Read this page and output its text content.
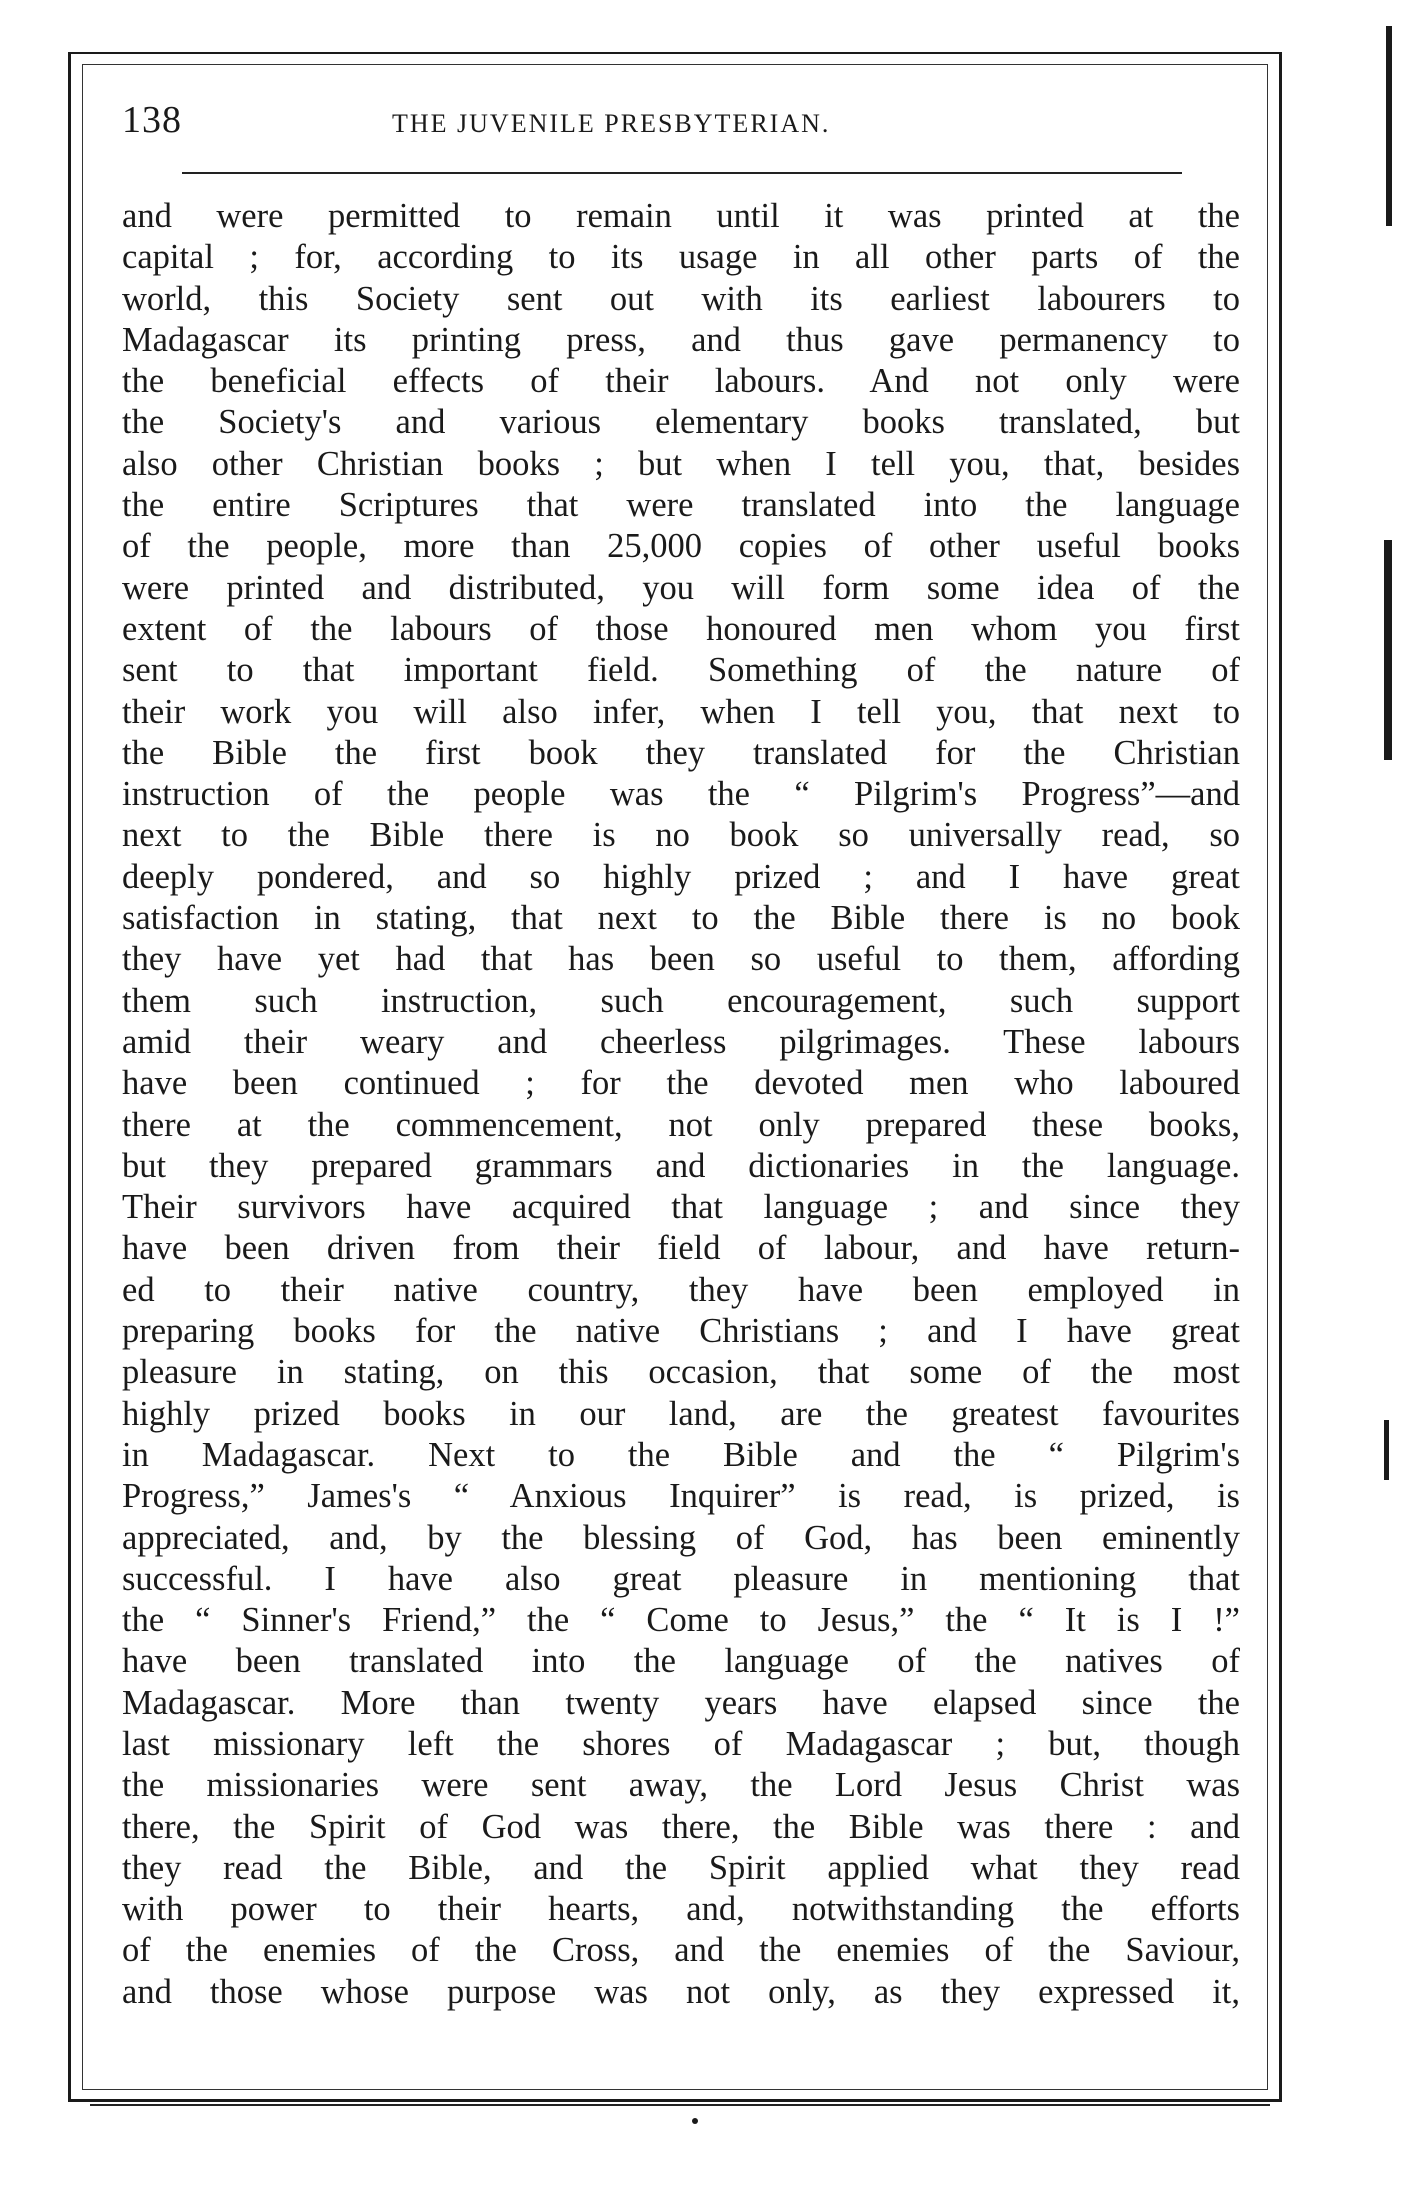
138	THE JUVENILE PRESBYTERIAN.
and were permitted to remain until it was printed at the
capital ; for, according to its usage in all other parts of the
world, this Society sent out with its earliest labourers to
Madagascar its printing press, and thus gave permanency to
the beneficial effects of their labours. And not only were
the Society's and various elementary books translated, but
also other Christian books ; but when I tell you, that, besides
the entire Scriptures that were translated into the language
of the people, more than 25,000 copies of other useful books
were printed and distributed, you will form some idea of the
extent of the labours of those honoured men whom you first
sent to that important field. Something of the nature of
their work you will also infer, when I tell you, that next to
the Bible the first book they translated for the Christian
instruction of the people was the “ Pilgrim's Progress”—and
next to the Bible there is no book so universally read, so
deeply pondered, and so highly prized ; and I have great
satisfaction in stating, that next to the Bible there is no book
they have yet had that has been so useful to them, affording
them such instruction, such encouragement, such support
amid their weary and cheerless pilgrimages. These labours
have been continued ; for the devoted men who laboured
there at the commencement, not only prepared these books,
but they prepared grammars and dictionaries in the language.
Their survivors have acquired that language ; and since they
have been driven from their field of labour, and have return-
ed to their native country, they have been employed in
preparing books for the native Christians ; and I have great
pleasure in stating, on this occasion, that some of the most
highly prized books in our land, are the greatest favourites
in Madagascar. Next to the Bible and the “ Pilgrim's
Progress,” James's “ Anxious Inquirer” is read, is prized, is
appreciated, and, by the blessing of God, has been eminently
successful. I have also great pleasure in mentioning that
the “ Sinner's Friend,” the “ Come to Jesus,” the “ It is I !”
have been translated into the language of the natives of
Madagascar. More than twenty years have elapsed since the
last missionary left the shores of Madagascar ; but, though
the missionaries were sent away, the Lord Jesus Christ was
there, the Spirit of God was there, the Bible was there : and
they read the Bible, and the Spirit applied what they read
with power to their hearts, and, notwithstanding the efforts
of the enemies of the Cross, and the enemies of the Saviour,
and those whose purpose was not only, as they expressed it,
